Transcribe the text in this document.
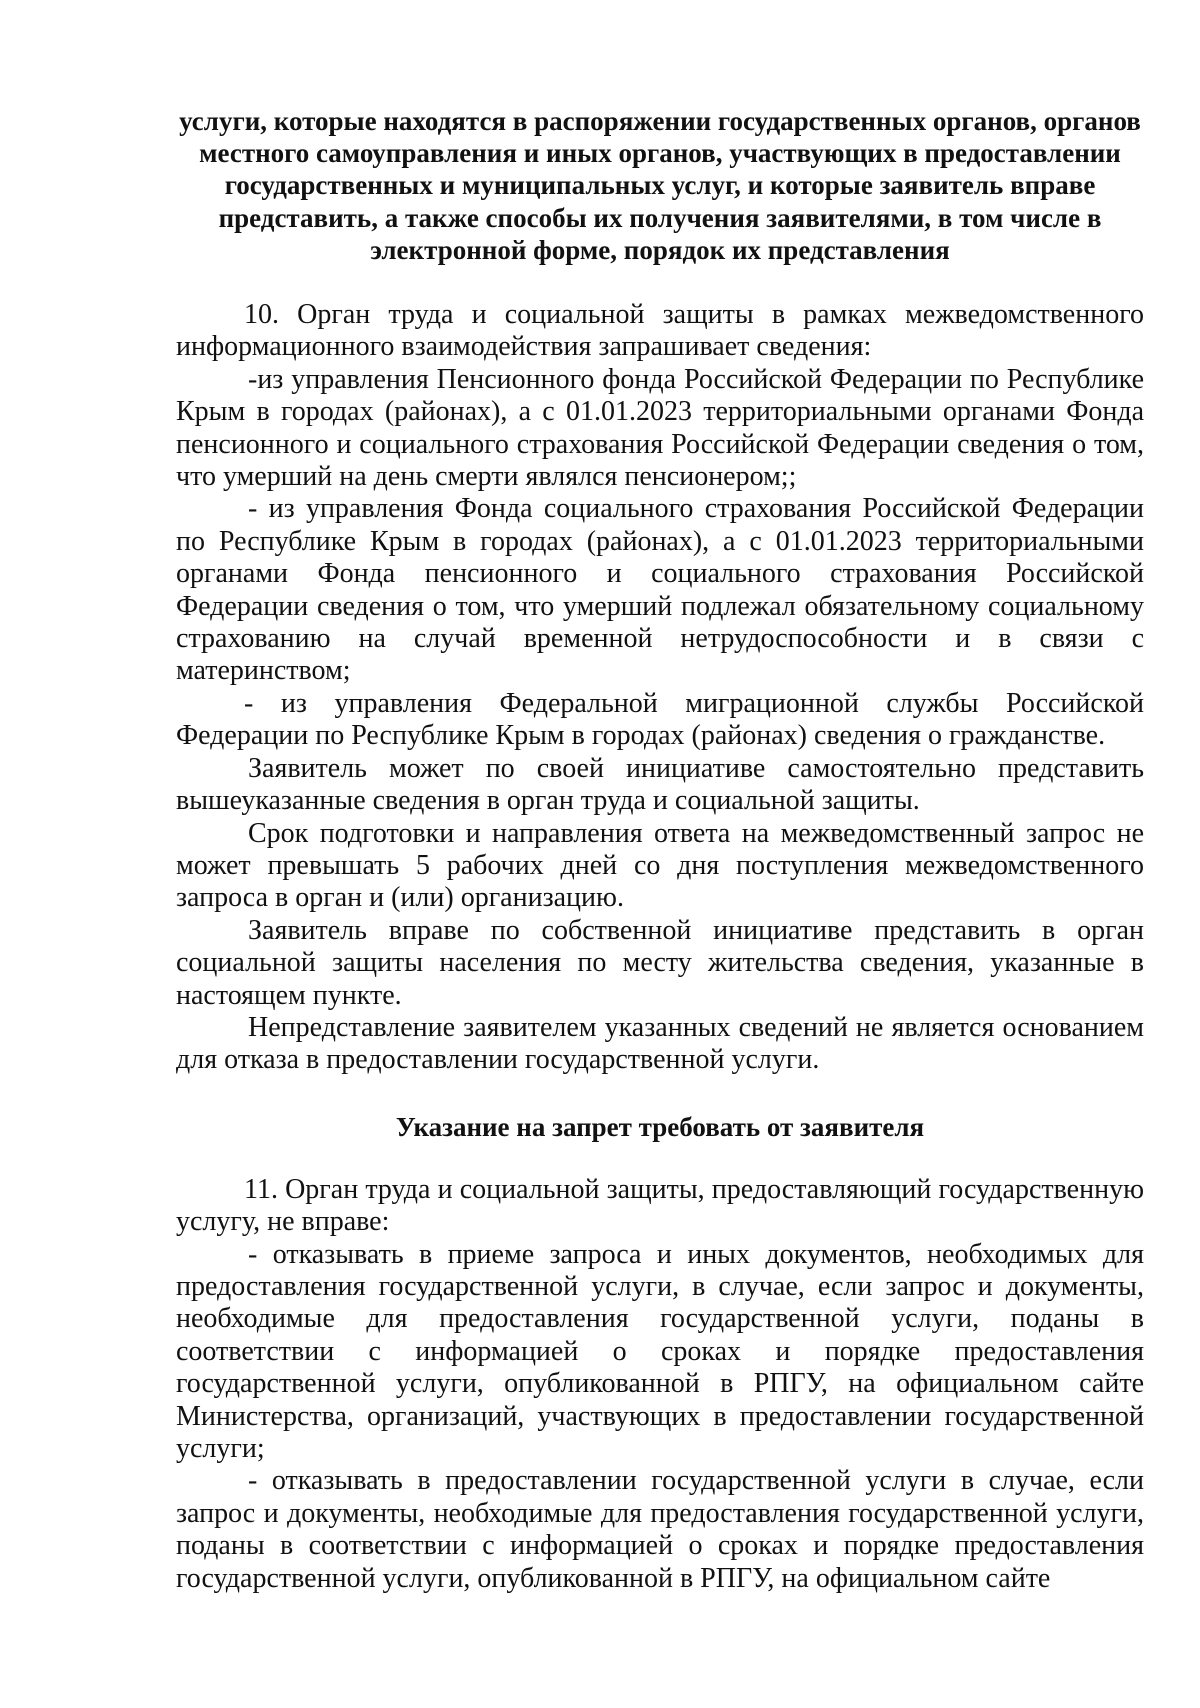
услуги, которые находятся в распоряжении государственных органов, органов местного самоуправления и иных органов, участвующих в предоставлении государственных и муниципальных услуг, и которые заявитель вправе представить, а также способы их получения заявителями, в том числе в электронной форме, порядок их представления

10. Орган труда и социальной защиты в рамках межведомственного информационного взаимодействия запрашивает сведения:

-из управления Пенсионного фонда Российской Федерации по Республике Крым в городах (районах), а с 01.01.2023 территориальными органами Фонда пенсионного и социального страхования Российской Федерации сведения о том, что умерший на день смерти являлся пенсионером;;

- из управления Фонда социального страхования Российской Федерации по Республике Крым в городах (районах), а с 01.01.2023 территориальными органами Фонда пенсионного и социального страхования Российской Федерации сведения о том, что умерший подлежал обязательному социальному страхованию на случай временной нетрудоспособности и в связи с материнством;

- из управления Федеральной миграционной службы Российской Федерации по Республике Крым в городах (районах) сведения о гражданстве.

Заявитель может по своей инициативе самостоятельно представить вышеуказанные сведения в орган труда и социальной защиты.

Срок подготовки и направления ответа на межведомственный запрос не может превышать 5 рабочих дней со дня поступления межведомственного запроса в орган и (или) организацию.

Заявитель вправе по собственной инициативе представить в орган социальной защиты населения по месту жительства сведения, указанные в настоящем пункте.

Непредставление заявителем указанных сведений не является основанием для отказа в предоставлении государственной услуги.

Указание на запрет требовать от заявителя

11. Орган труда и социальной защиты, предоставляющий государственную услугу, не вправе:

- отказывать в приеме запроса и иных документов, необходимых для предоставления государственной услуги, в случае, если запрос и документы, необходимые для предоставления государственной услуги, поданы в соответствии с информацией о сроках и порядке предоставления государственной услуги, опубликованной в РПГУ, на официальном сайте Министерства, организаций, участвующих в предоставлении государственной услуги;

- отказывать в предоставлении государственной услуги в случае, если запрос и документы, необходимые для предоставления государственной услуги, поданы в соответствии с информацией о сроках и порядке предоставления государственной услуги, опубликованной в РПГУ, на официальном сайте
